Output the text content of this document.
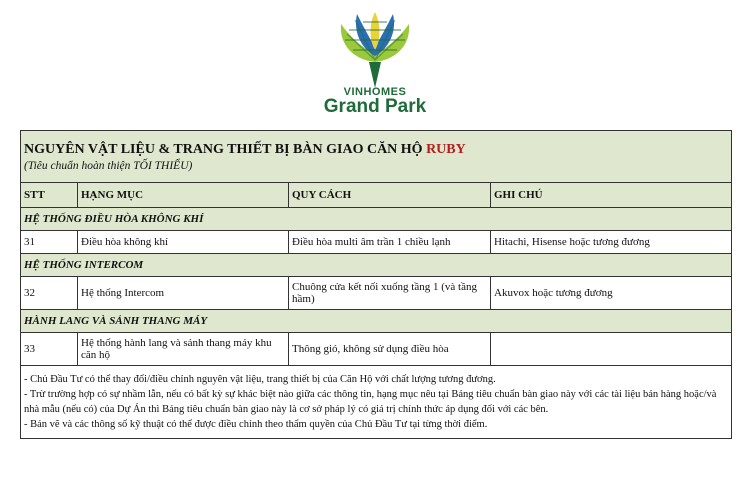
VINHOMES
Grand Park
NGUYÊN VẬT LIỆU & TRANG THIẾT BỊ BÀN GIAO CĂN HỘ RUBY
(Tiêu chuẩn hoàn thiện TỐI THIỂU)			

STT	HẠNG MỤC	QUY CÁCH	GHI CHÚ
HỆ THỐNG ĐIỀU HÒA KHÔNG KHÍ			
31	Điều hòa không khí	Điều hòa multi âm trần 1 chiều lạnh	Hitachi, Hisense hoặc tương đương
HỆ THỐNG INTERCOM			
32	Hệ thống Intercom	Chuông cửa kết nối xuống tầng 1 (và tầng hầm)	Akuvox hoặc tương đương
HÀNH LANG VÀ SẢNH THANG MÁY			
33	Hệ thống hành lang và sảnh thang máy khu căn hộ	Thông gió, không sử dụng điều hòa	

- Chủ Đầu Tư có thể thay đổi/điều chỉnh nguyên vật liệu, trang thiết bị của Căn Hộ với chất lượng tương đương.
- Trừ trường hợp có sự nhầm lẫn, nếu có bất kỳ sự khác biệt nào giữa các thông tin, hạng mục nêu tại Bảng tiêu chuẩn bàn giao này với các tài liệu bán hàng hoặc/và nhà mẫu (nếu có) của Dự Án thì Bảng tiêu chuẩn bàn giao này là cơ sở pháp lý có giá trị chính thức áp dụng đối với các bên.
- Bản vẽ và các thông số kỹ thuật có thể được điều chỉnh theo thẩm quyền của Chủ Đầu Tư tại từng thời điểm.			
